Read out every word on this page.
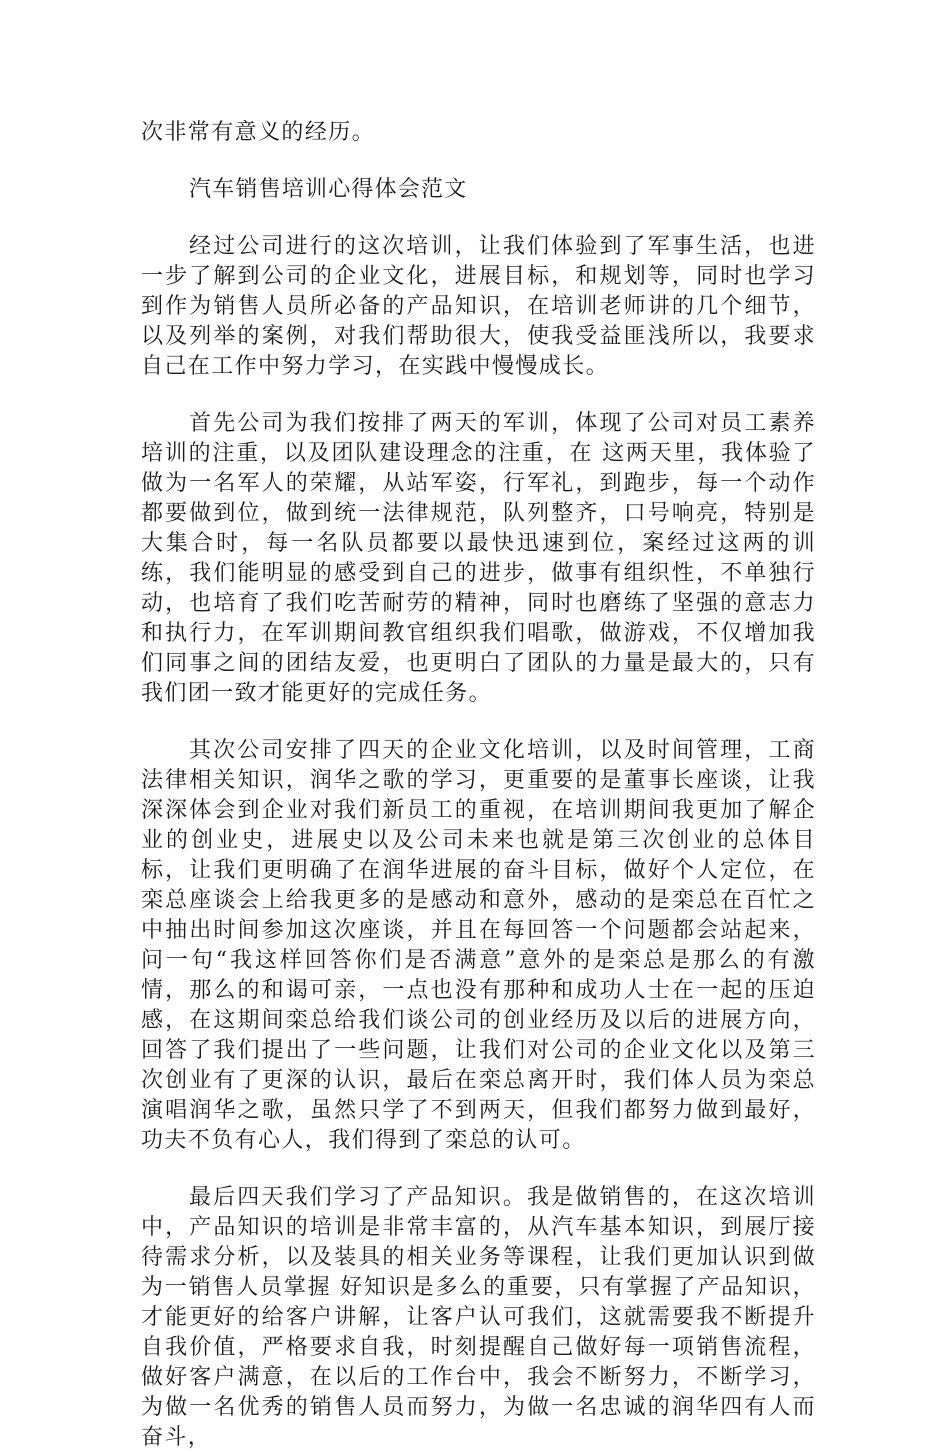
次非常有意义的经历。

汽车销售培训心得体会范文

经过公司进行的这次培训，让我们体验到了军事生活，也进一步了解到公司的企业文化，进展目标，和规划等，同时也学习到作为销售人员所必备的产品知识，在培训老师讲的几个细节，以及列举的案例，对我们帮助很大，使我受益匪浅所以，我要求自己在工作中努力学习，在实践中慢慢成长。

首先公司为我们按排了两天的军训，体现了公司对员工素养培训的注重，以及团队建设理念的注重，在 这两天里，我体验了做为一名军人的荣耀，从站军姿，行军礼，到跑步，每一个动作都要做到位，做到统一法律规范，队列整齐，口号响亮，特别是大集合时，每一名队员都要以最快迅速到位，案经过这两的训练，我们能明显的感受到自己的进步，做事有组织性，不单独行动，也培育了我们吃苦耐劳的精神，同时也磨练了坚强的意志力和执行力，在军训期间教官组织我们唱歌，做游戏，不仅增加我们同事之间的团结友爱，也更明白了团队的力量是最大的，只有我们团一致才能更好的完成任务。

其次公司安排了四天的企业文化培训，以及时间管理，工商法律相关知识，润华之歌的学习，更重要的是董事长座谈，让我深深体会到企业对我们新员工的重视，在培训期间我更加了解企业的创业史，进展史以及公司未来也就是第三次创业的总体目标，让我们更明确了在润华进展的奋斗目标，做好个人定位，在栾总座谈会上给我更多的是感动和意外，感动的是栾总在百忙之中抽出时间参加这次座谈，并且在每回答一个问题都会站起来，问一句“我这样回答你们是否满意”意外的是栾总是那么的有激情，那么的和谒可亲，一点也没有那种和成功人士在一起的压迫感，在这期间栾总给我们谈公司的创业经历及以后的进展方向，回答了我们提出了一些问题，让我们对公司的企业文化以及第三次创业有了更深的认识，最后在栾总离开时，我们体人员为栾总演唱润华之歌，虽然只学了不到两天，但我们都努力做到最好，功夫不负有心人，我们得到了栾总的认可。

最后四天我们学习了产品知识。我是做销售的，在这次培训中，产品知识的培训是非常丰富的，从汽车基本知识，到展厅接待需求分析，以及装具的相关业务等课程，让我们更加认识到做为一销售人员掌握 好知识是多么的重要，只有掌握了产品知识，才能更好的给客户讲解，让客户认可我们，这就需要我不断提升自我价值，严格要求自我，时刻提醒自己做好每一项销售流程，做好客户满意，在以后的工作台中，我会不断努力，不断学习，为做一名优秀的销售人员而努力，为做一名忠诚的润华四有人而奋斗，
